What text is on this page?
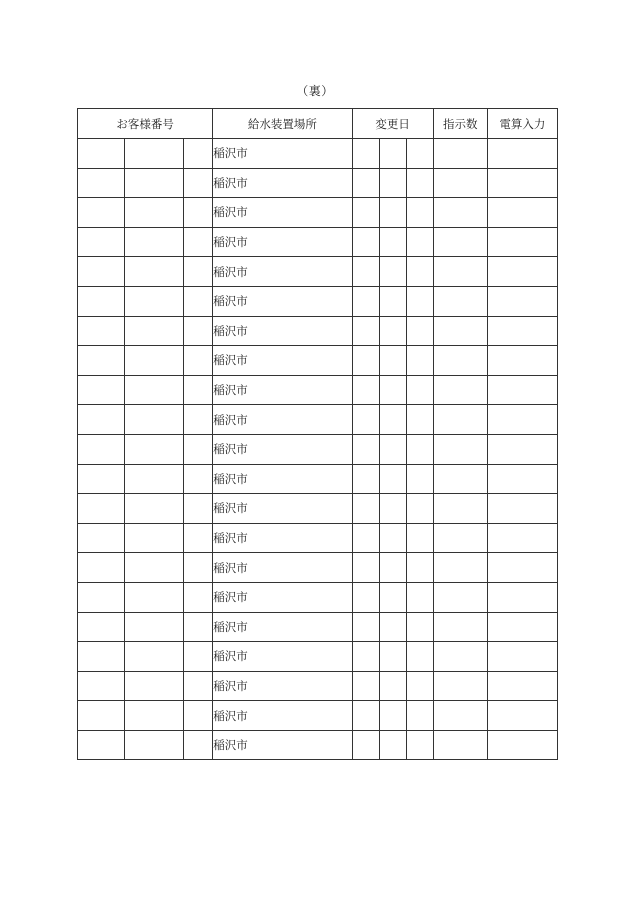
（裏）
お客様番号			給水装置場所	変更日			指示数	電算入力
			稲沢市					
			稲沢市					
			稲沢市					
			稲沢市					
			稲沢市					
			稲沢市					
			稲沢市					
			稲沢市					
			稲沢市					
			稲沢市					
			稲沢市					
			稲沢市					
			稲沢市					
			稲沢市					
			稲沢市					
			稲沢市					
			稲沢市					
			稲沢市					
			稲沢市					
			稲沢市					
			稲沢市					
